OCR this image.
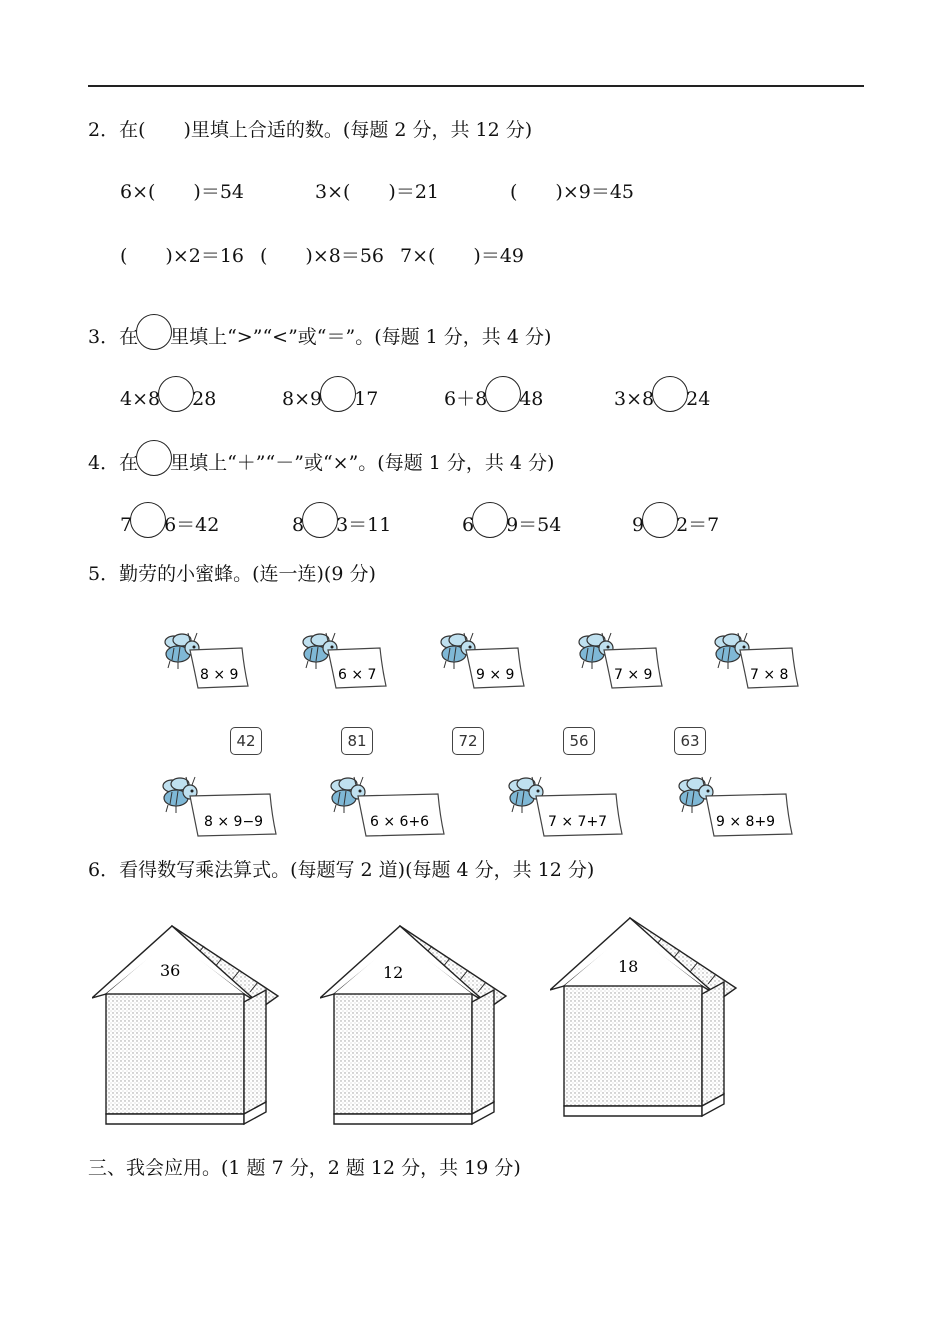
2．在(　　)里填上合适的数。(每题 2 分，共 12 分)
6×(　　)＝54	3×(　　)＝21	(　　)×9＝45
(　　)×2＝16 (　　)×8＝56 7×(　　)＝49
3．在 里填上“>”“<”或“＝”。(每题 1 分，共 4 分)
4×8 28	8×9 17	6＋8 48	3×8 24
4．在 里填上“＋”“－”或“×”。(每题 1 分，共 4 分)
7 6＝42	8 3＝11	6 9＝54	9 2＝7
5．勤劳的小蜜蜂。(连一连)(9 分)
8 × 9	6 × 7	9 × 9	7 × 9	7 × 8
42	81	72	56	63
8 × 9−9	6 × 6+6	7 × 7+7	9 × 8+9
6．看得数写乘法算式。(每题写 2 道)(每题 4 分，共 12 分)
36	12	18
三、我会应用。(1 题 7 分，2 题 12 分，共 19 分)
